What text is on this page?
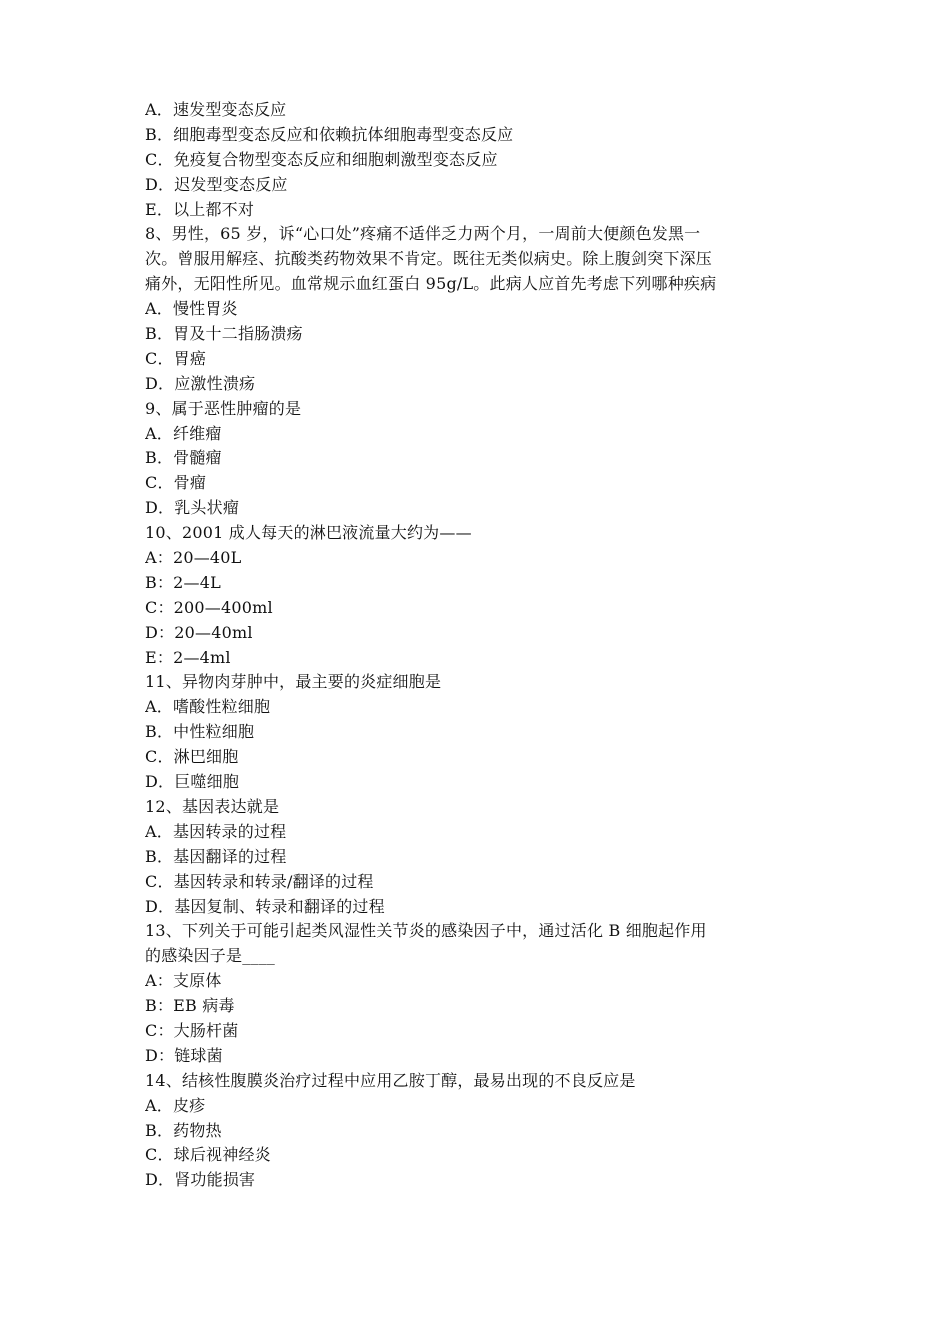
A．速发型变态反应
B．细胞毒型变态反应和依赖抗体细胞毒型变态反应
C．免疫复合物型变态反应和细胞刺激型变态反应
D．迟发型变态反应
E．以上都不对
8、男性，65 岁，诉“心口处”疼痛不适伴乏力两个月，一周前大便颜色发黑一
次。曾服用解痉、抗酸类药物效果不肯定。既往无类似病史。除上腹剑突下深压
痛外，无阳性所见。血常规示血红蛋白 95g/L。此病人应首先考虑下列哪种疾病
A．慢性胃炎
B．胃及十二指肠溃疡
C．胃癌
D．应激性溃疡
9、属于恶性肿瘤的是
A．纤维瘤
B．骨髓瘤
C．骨瘤
D．乳头状瘤
10、2001 成人每天的淋巴液流量大约为——
A：20—40L
B：2—4L
C：200—400ml
D：20—40ml
E：2—4ml
11、异物肉芽肿中，最主要的炎症细胞是
A．嗜酸性粒细胞
B．中性粒细胞
C．淋巴细胞
D．巨噬细胞
12、基因表达就是
A．基因转录的过程
B．基因翻译的过程
C．基因转录和转录/翻译的过程
D．基因复制、转录和翻译的过程
13、下列关于可能引起类风湿性关节炎的感染因子中，通过活化 B 细胞起作用
的感染因子是____
A：支原体
B：EB 病毒
C：大肠杆菌
D：链球菌
14、结核性腹膜炎治疗过程中应用乙胺丁醇，最易出现的不良反应是
A．皮疹
B．药物热
C．球后视神经炎
D．肾功能损害
